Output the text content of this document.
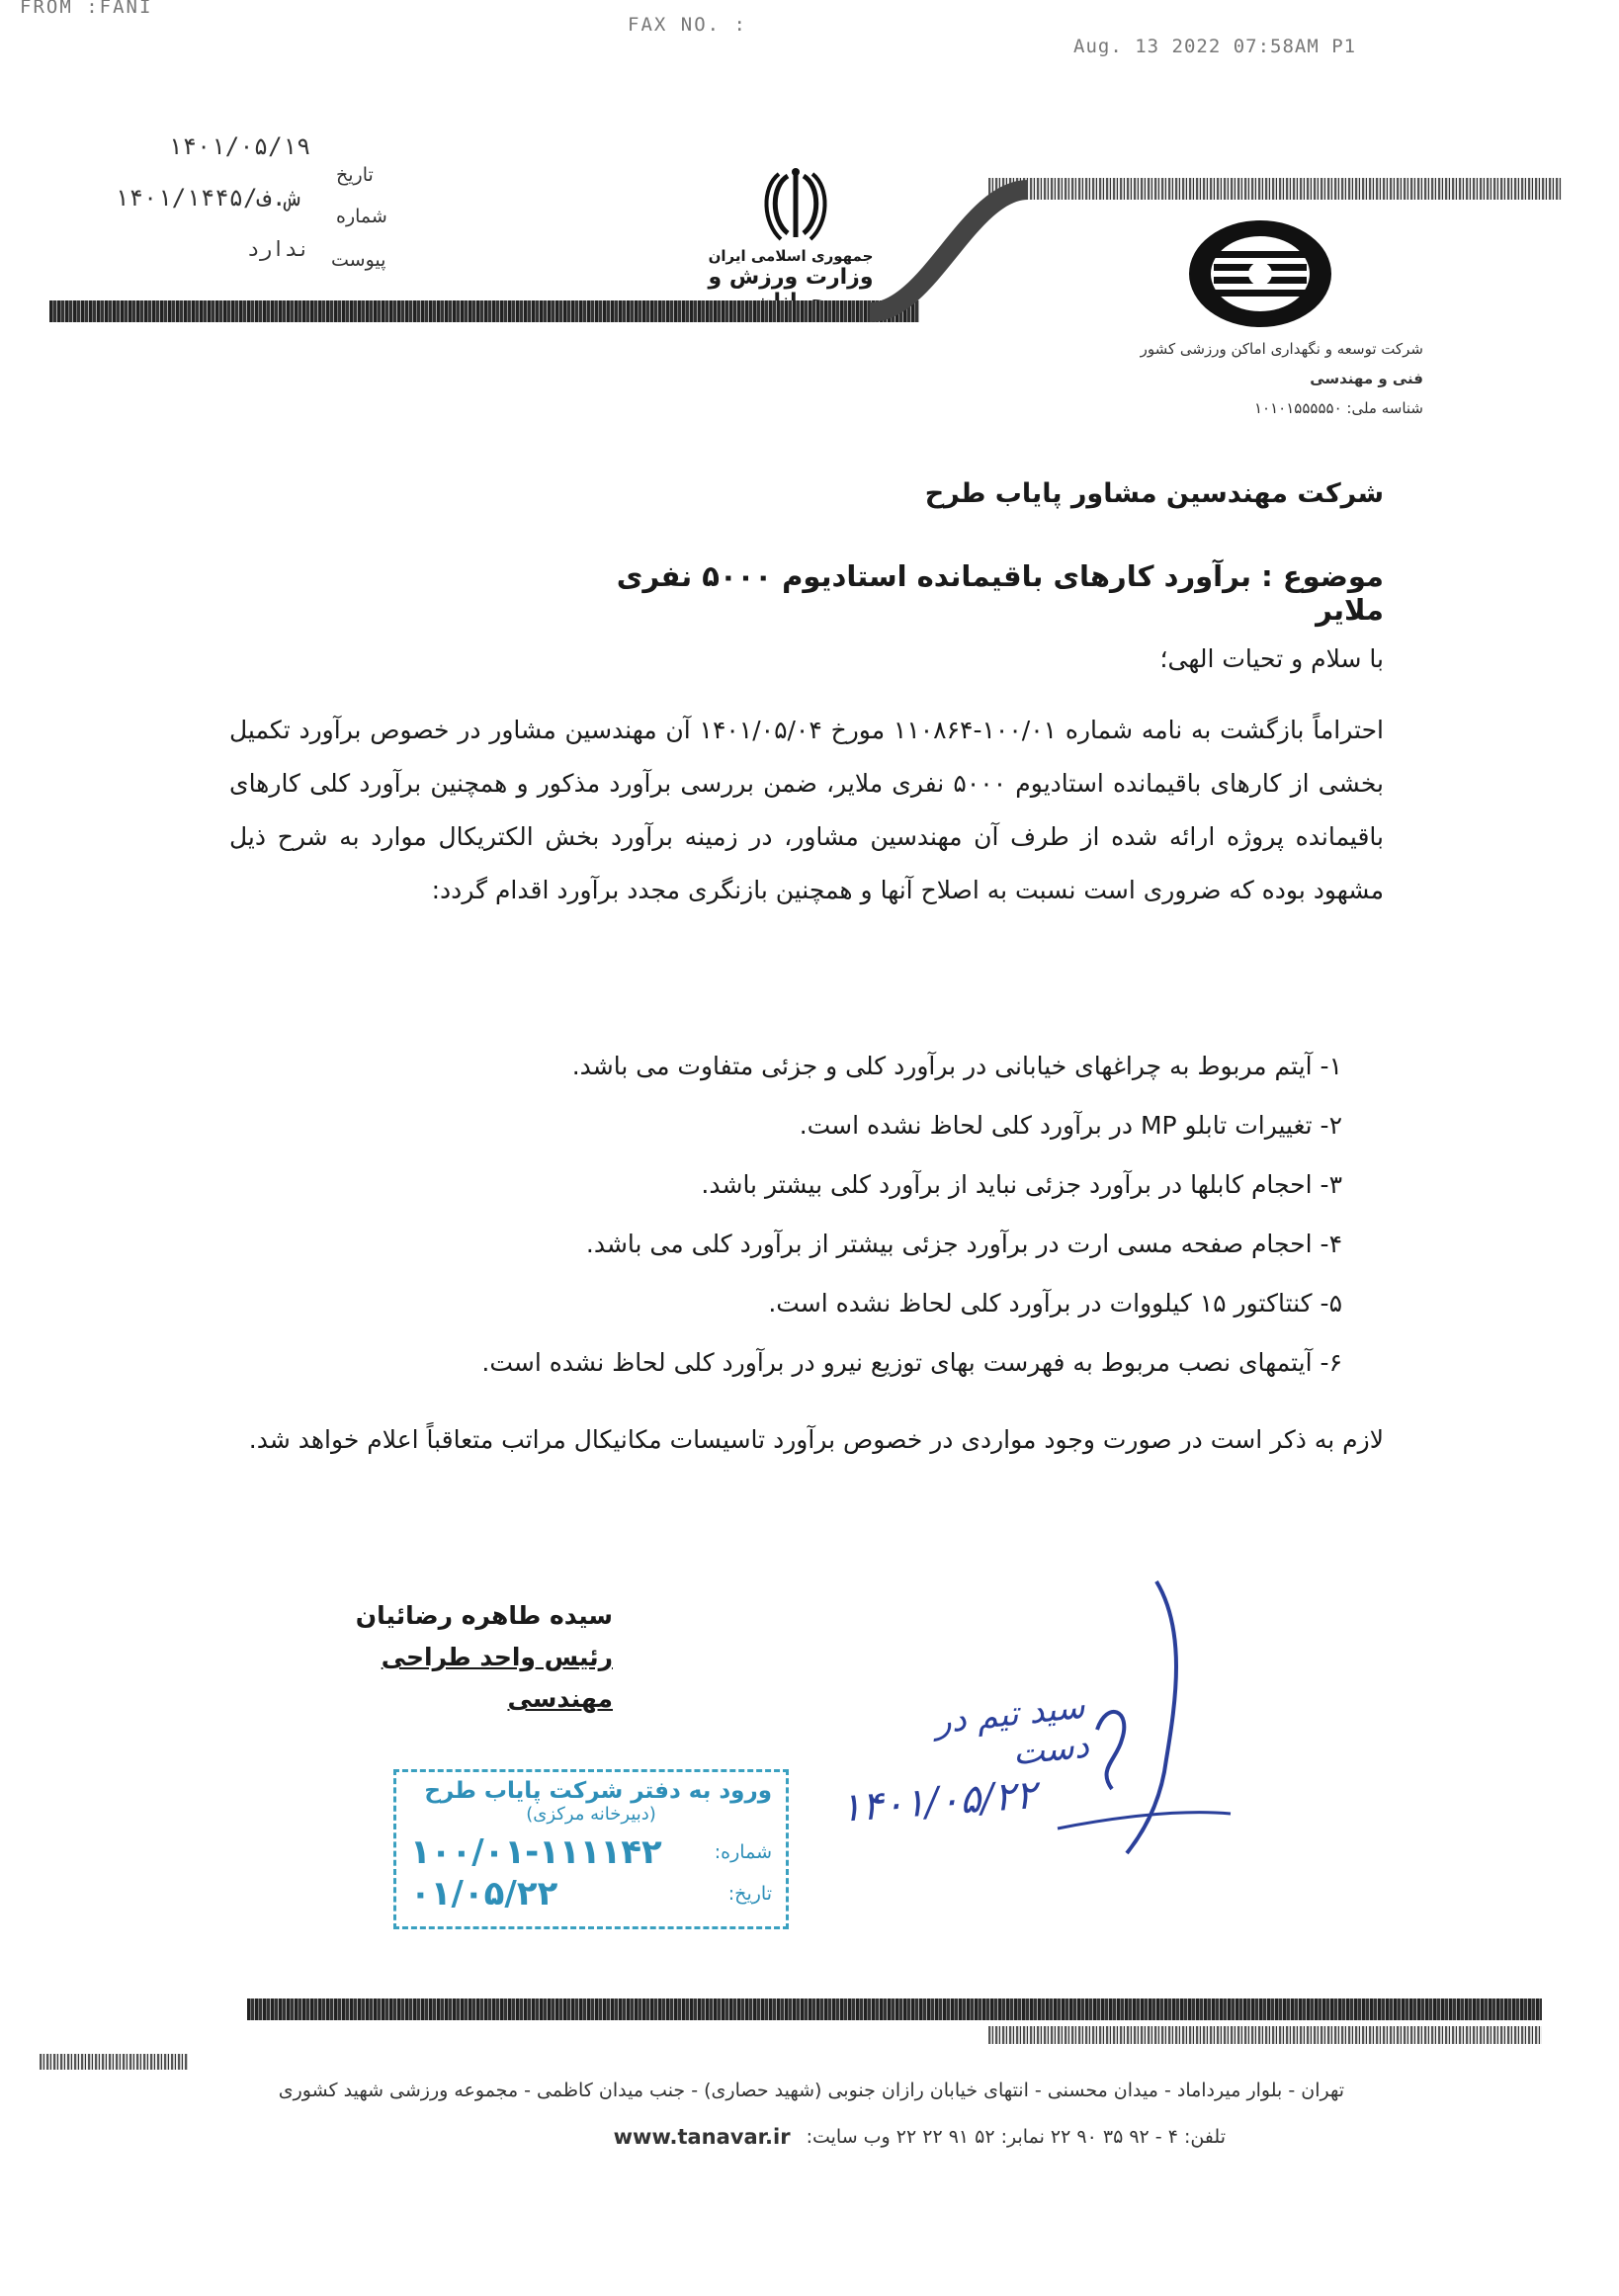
FROM :FANI
FAX NO. :
Aug. 13 2022 07:58AM P1
۱۴۰۱/۰۵/۱۹
تاریخ
۱۴۰۱/۱۴۴۵/ش.ف
شماره
ندارد پیوست	جمهوری اسلامی ایران
وزارت ورزش و
شرکت توسعه و نگهداری اماکن ورزشی کشور
فنی و مهندسی
شناسه ملی: ۱۰۱۰۱۵۵۵۵۵۰
شرکت مهندسین مشاور پایاب طرح
موضوع : برآورد کارهای باقیمانده استادیوم ۵۰۰۰ نفری ملایر
با سلام و تحیات الهی؛
احتراماً بازگشت به نامه شماره ۱۰۰/۰۱-۱۱۰۸۶۴ مورخ ۱۴۰۱/۰۵/۰۴ آن مهندسین مشاور در خصوص برآورد تکمیل بخشی از کارهای باقیمانده استادیوم ۵۰۰۰ نفری ملایر، ضمن بررسی برآورد مذکور و همچنین برآورد کلی کارهای باقیمانده پروژه ارائه شده از طرف آن مهندسین مشاور، در زمینه برآورد بخش الکتریکال موارد به شرح ذیل مشهود بوده که ضروری است نسبت به اصلاح آنها و همچنین بازنگری مجدد برآورد اقدام گردد:
۱- آیتم مربوط به چراغهای خیابانی در برآورد کلی و جزئی متفاوت می باشد.
۲- تغییرات تابلو MP در برآورد کلی لحاظ نشده است.
۳- احجام کابلها در برآورد جزئی نباید از برآورد کلی بیشتر باشد.
۴- احجام صفحه مسی ارت در برآورد جزئی بیشتر از برآورد کلی می باشد.
۵- کنتاکتور ۱۵ کیلووات در برآورد کلی لحاظ نشده است.
۶- آیتمهای نصب مربوط به فهرست بهای توزیع نیرو در برآورد کلی لحاظ نشده است.
لازم به ذکر است در صورت وجود مواردی در خصوص برآورد تاسیسات مکانیکال مراتب متعاقباً اعلام خواهد شد.
سیده طاهره رضائیان
رئیس واحد طراحی مهندسی	سید تیم در دست
۱۴۰۱/۰۵/۲۲
ورود به دفتر شرکت پایاب طرح
(دبیرخانه مرکزی)
شماره:
۱۰۰/۰۱-۱۱۱۱۴۲
تاریخ:
۰۱/۰۵/۲۲
تهران - بلوار میرداماد - میدان محسنی - انتهای خیابان رازان جنوبی (شهید حصاری) - جنب میدان کاظمی - مجموعه ورزشی شهید کشوری
تلفن: ۴ - ۹۲ ۳۵ ۹۰ ۲۲ نمابر: ۵۲ ۹۱ ۲۲ ۲۲ وب سایت:
www.tanavar.ir
